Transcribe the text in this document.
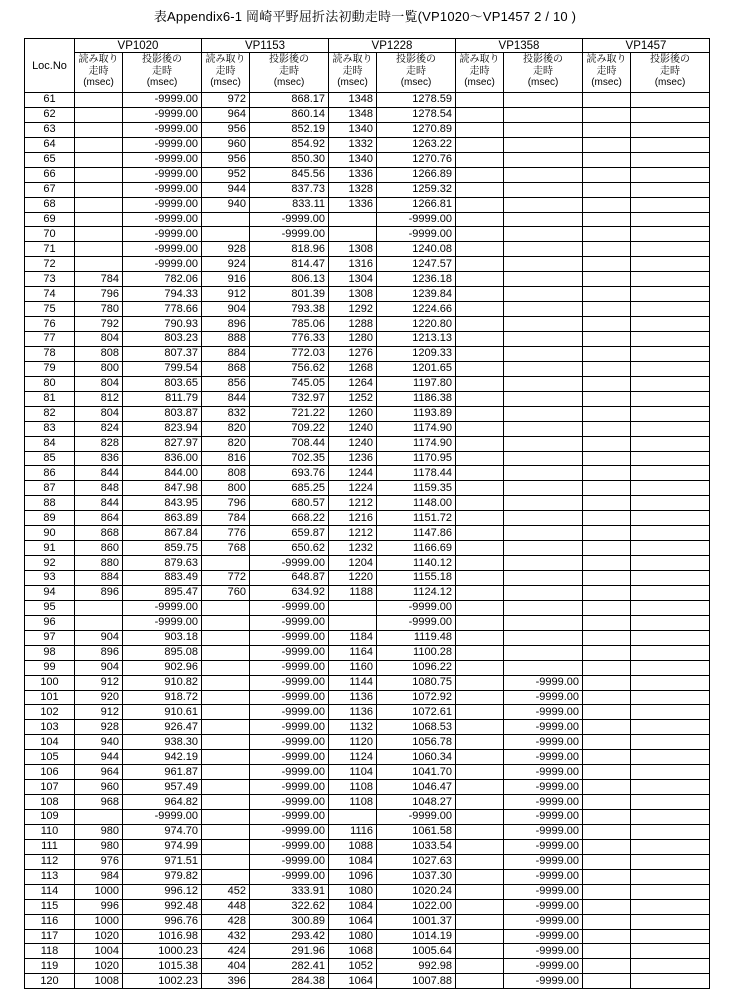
表Appendix6-1 岡崎平野屈折法初動走時一覧(VP1020〜VP1457 2 / 10 )
Loc.No	VP1020		VP1153		VP1228		VP1358		VP1457	

	読み取り
走時
(msec)	投影後の
走時
(msec)	読み取り
走時
(msec)	投影後の
走時
(msec)	読み取り
走時
(msec)	投影後の
走時
(msec)	読み取り
走時
(msec)	投影後の
走時
(msec)	読み取り
走時
(msec)	投影後の
走時
(msec)

61		-9999.00	972	868.17	1348	1278.59				
62		-9999.00	964	860.14	1348	1278.54				
63		-9999.00	956	852.19	1340	1270.89				
64		-9999.00	960	854.92	1332	1263.22				
65		-9999.00	956	850.30	1340	1270.76				
66		-9999.00	952	845.56	1336	1266.89				
67		-9999.00	944	837.73	1328	1259.32				
68		-9999.00	940	833.11	1336	1266.81				
69		-9999.00		-9999.00		-9999.00				
70		-9999.00		-9999.00		-9999.00				
71		-9999.00	928	818.96	1308	1240.08				
72		-9999.00	924	814.47	1316	1247.57				
73	784	782.06	916	806.13	1304	1236.18				
74	796	794.33	912	801.39	1308	1239.84				
75	780	778.66	904	793.38	1292	1224.66				
76	792	790.93	896	785.06	1288	1220.80				
77	804	803.23	888	776.33	1280	1213.13				
78	808	807.37	884	772.03	1276	1209.33				
79	800	799.54	868	756.62	1268	1201.65				
80	804	803.65	856	745.05	1264	1197.80				
81	812	811.79	844	732.97	1252	1186.38				
82	804	803.87	832	721.22	1260	1193.89				
83	824	823.94	820	709.22	1240	1174.90				
84	828	827.97	820	708.44	1240	1174.90				
85	836	836.00	816	702.35	1236	1170.95				
86	844	844.00	808	693.76	1244	1178.44				
87	848	847.98	800	685.25	1224	1159.35				
88	844	843.95	796	680.57	1212	1148.00				
89	864	863.89	784	668.22	1216	1151.72				
90	868	867.84	776	659.87	1212	1147.86				
91	860	859.75	768	650.62	1232	1166.69				
92	880	879.63		-9999.00	1204	1140.12				
93	884	883.49	772	648.87	1220	1155.18				
94	896	895.47	760	634.92	1188	1124.12				
95		-9999.00		-9999.00		-9999.00				
96		-9999.00		-9999.00		-9999.00				
97	904	903.18		-9999.00	1184	1119.48				
98	896	895.08		-9999.00	1164	1100.28				
99	904	902.96		-9999.00	1160	1096.22				
100	912	910.82		-9999.00	1144	1080.75		-9999.00		
101	920	918.72		-9999.00	1136	1072.92		-9999.00		
102	912	910.61		-9999.00	1136	1072.61		-9999.00		
103	928	926.47		-9999.00	1132	1068.53		-9999.00		
104	940	938.30		-9999.00	1120	1056.78		-9999.00		
105	944	942.19		-9999.00	1124	1060.34		-9999.00		
106	964	961.87		-9999.00	1104	1041.70		-9999.00		
107	960	957.49		-9999.00	1108	1046.47		-9999.00		
108	968	964.82		-9999.00	1108	1048.27		-9999.00		
109		-9999.00		-9999.00		-9999.00		-9999.00		
110	980	974.70		-9999.00	1116	1061.58		-9999.00		
111	980	974.99		-9999.00	1088	1033.54		-9999.00		
112	976	971.51		-9999.00	1084	1027.63		-9999.00		
113	984	979.82		-9999.00	1096	1037.30		-9999.00		
114	1000	996.12	452	333.91	1080	1020.24		-9999.00		
115	996	992.48	448	322.62	1084	1022.00		-9999.00		
116	1000	996.76	428	300.89	1064	1001.37		-9999.00		
117	1020	1016.98	432	293.42	1080	1014.19		-9999.00		
118	1004	1000.23	424	291.96	1068	1005.64		-9999.00		
119	1020	1015.38	404	282.41	1052	992.98		-9999.00		
120	1008	1002.23	396	284.38	1064	1007.88		-9999.00		
